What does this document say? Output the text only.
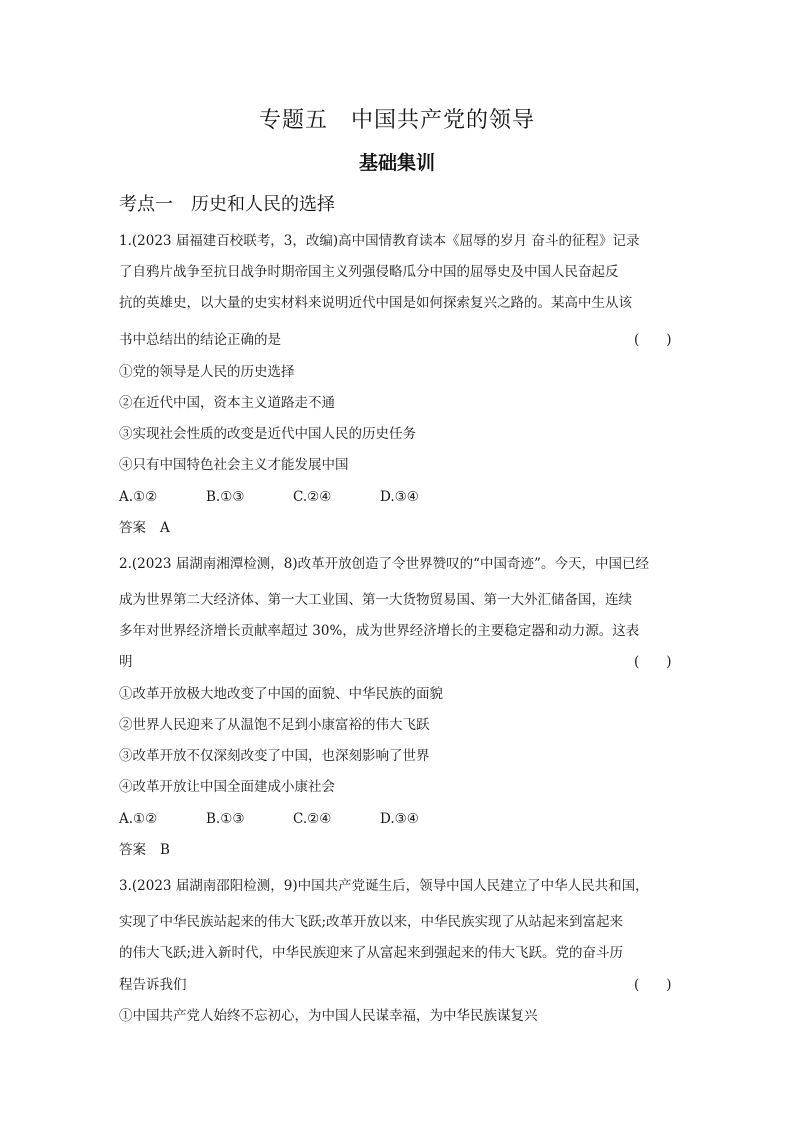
专题五　中国共产党的领导
基础集训
考点一　历史和人民的选择
1.(2023 届福建百校联考，3，改编)高中国情教育读本《屈辱的岁月 奋斗的征程》记录
了自鸦片战争至抗日战争时期帝国主义列强侵略瓜分中国的屈辱史及中国人民奋起反
抗的英雄史，以大量的史实材料来说明近代中国是如何探索复兴之路的。某高中生从该
书中总结出的结论正确的是	(　　)
①党的领导是人民的历史选择
②在近代中国，资本主义道路走不通
③实现社会性质的改变是近代中国人民的历史任务
④只有中国特色社会主义才能发展中国
A.①②	B.①③	C.②④	D.③④
答案 A
2.(2023 届湖南湘潭检测，8)改革开放创造了令世界赞叹的“中国奇迹”。今天，中国已经
成为世界第二大经济体、第一大工业国、第一大货物贸易国、第一大外汇储备国，连续
多年对世界经济增长贡献率超过 30%，成为世界经济增长的主要稳定器和动力源。这表
明	(　　)
①改革开放极大地改变了中国的面貌、中华民族的面貌
②世界人民迎来了从温饱不足到小康富裕的伟大飞跃
③改革开放不仅深刻改变了中国，也深刻影响了世界
④改革开放让中国全面建成小康社会
A.①②	B.①③	C.②④	D.③④
答案 B
3.(2023 届湖南邵阳检测，9)中国共产党诞生后，领导中国人民建立了中华人民共和国，
实现了中华民族站起来的伟大飞跃;改革开放以来，中华民族实现了从站起来到富起来
的伟大飞跃;进入新时代，中华民族迎来了从富起来到强起来的伟大飞跃。党的奋斗历
程告诉我们	(　　)
①中国共产党人始终不忘初心，为中国人民谋幸福，为中华民族谋复兴
